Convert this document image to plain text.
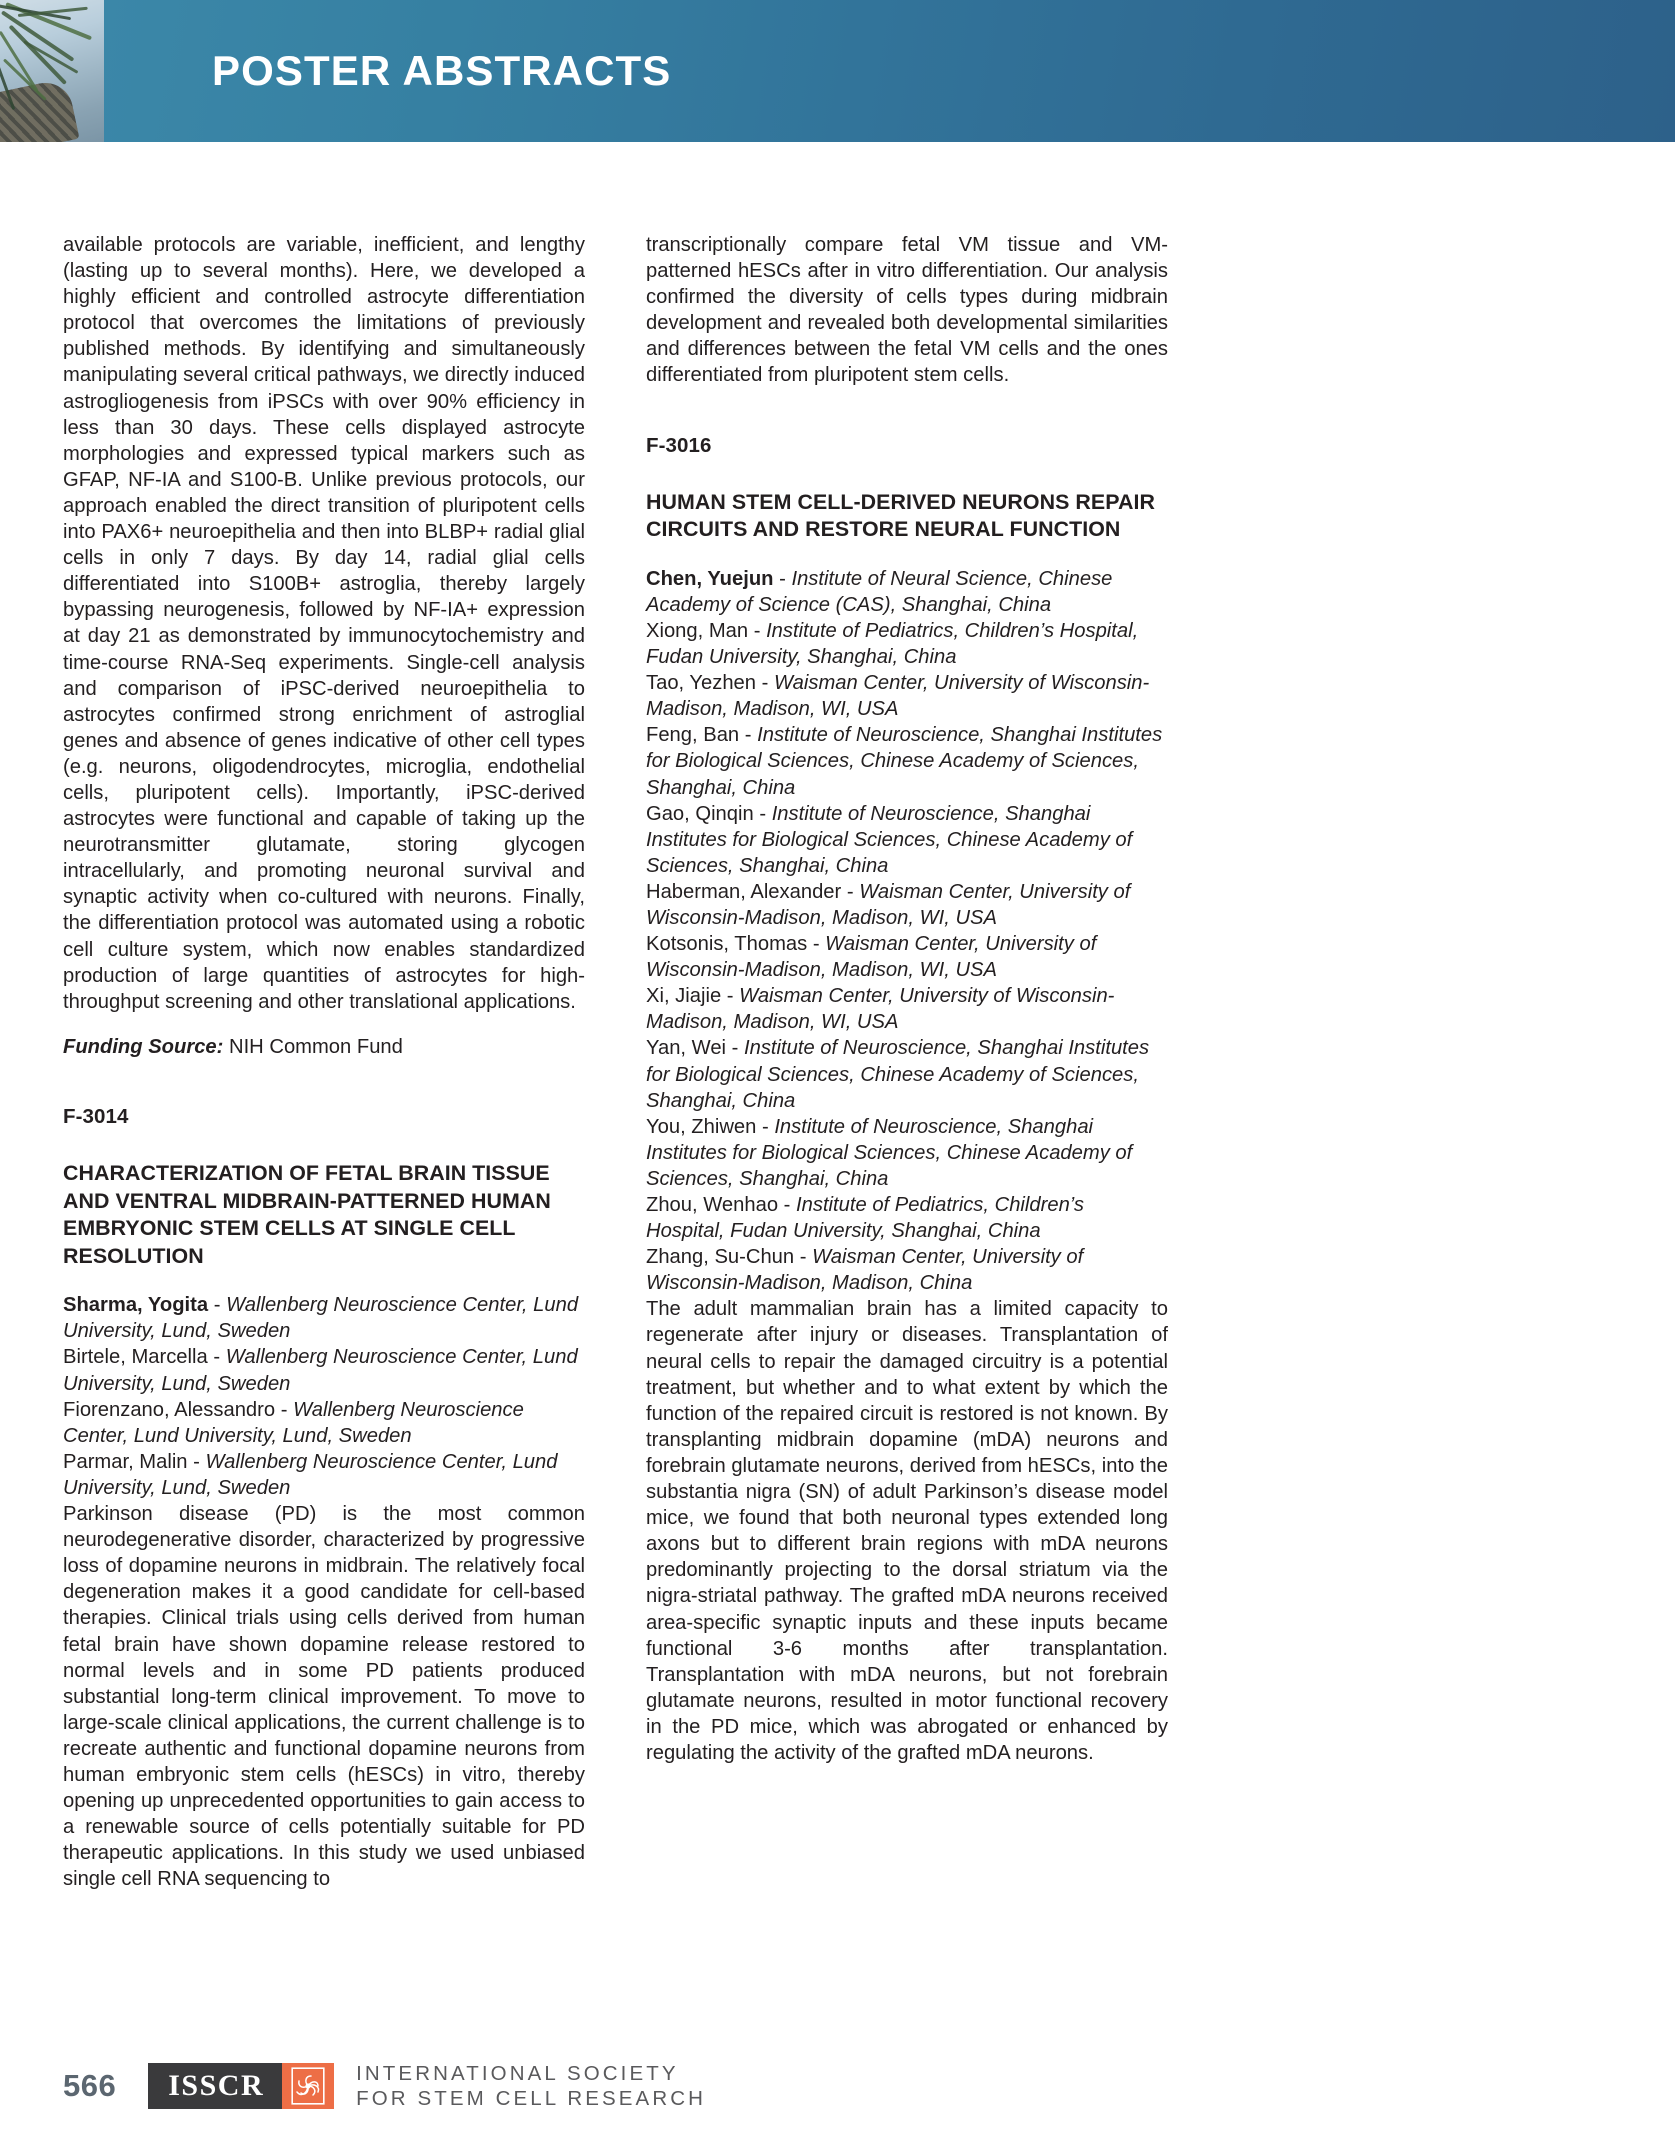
POSTER ABSTRACTS

available protocols are variable, inefficient, and lengthy (lasting up to several months). Here, we developed a highly efficient and controlled astrocyte differentiation protocol that overcomes the limitations of previously published methods. By identifying and simultaneously manipulating several critical pathways, we directly induced astrogliogenesis from iPSCs with over 90% efficiency in less than 30 days. These cells displayed astrocyte morphologies and expressed typical markers such as GFAP, NF-IA and S100-B. Unlike previous protocols, our approach enabled the direct transition of pluripotent cells into PAX6+ neuroepithelia and then into BLBP+ radial glial cells in only 7 days. By day 14, radial glial cells differentiated into S100B+ astroglia, thereby largely bypassing neurogenesis, followed by NF-IA+ expression at day 21 as demonstrated by immunocytochemistry and time-course RNA-Seq experiments. Single-cell analysis and comparison of iPSC-derived neuroepithelia to astrocytes confirmed strong enrichment of astroglial genes and absence of genes indicative of other cell types (e.g. neurons, oligodendrocytes, microglia, endothelial cells, pluripotent cells). Importantly, iPSC-derived astrocytes were functional and capable of taking up the neurotransmitter glutamate, storing glycogen intracellularly, and promoting neuronal survival and synaptic activity when co-cultured with neurons. Finally, the differentiation protocol was automated using a robotic cell culture system, which now enables standardized production of large quantities of astrocytes for high-throughput screening and other translational applications.

Funding Source: NIH Common Fund

F-3014

CHARACTERIZATION OF FETAL BRAIN TISSUE AND VENTRAL MIDBRAIN-PATTERNED HUMAN EMBRYONIC STEM CELLS AT SINGLE CELL RESOLUTION

Sharma, Yogita - Wallenberg Neuroscience Center, Lund University, Lund, Sweden
Birtele, Marcella - Wallenberg Neuroscience Center, Lund University, Lund, Sweden
Fiorenzano, Alessandro - Wallenberg Neuroscience Center, Lund University, Lund, Sweden
Parmar, Malin - Wallenberg Neuroscience Center, Lund University, Lund, Sweden

Parkinson disease (PD) is the most common neurodegenerative disorder, characterized by progressive loss of dopamine neurons in midbrain. The relatively focal degeneration makes it a good candidate for cell-based therapies. Clinical trials using cells derived from human fetal brain have shown dopamine release restored to normal levels and in some PD patients produced substantial long-term clinical improvement. To move to large-scale clinical applications, the current challenge is to recreate authentic and functional dopamine neurons from human embryonic stem cells (hESCs) in vitro, thereby opening up unprecedented opportunities to gain access to a renewable source of cells potentially suitable for PD therapeutic applications. In this study we used unbiased single cell RNA sequencing to

transcriptionally compare fetal VM tissue and VM-patterned hESCs after in vitro differentiation. Our analysis confirmed the diversity of cells types during midbrain development and revealed both developmental similarities and differences between the fetal VM cells and the ones differentiated from pluripotent stem cells.

F-3016

HUMAN STEM CELL-DERIVED NEURONS REPAIR CIRCUITS AND RESTORE NEURAL FUNCTION

Chen, Yuejun - Institute of Neural Science, Chinese Academy of Science (CAS), Shanghai, China
Xiong, Man - Institute of Pediatrics, Children’s Hospital, Fudan University, Shanghai, China
Tao, Yezhen - Waisman Center, University of Wisconsin-Madison, Madison, WI, USA
Feng, Ban - Institute of Neuroscience, Shanghai Institutes for Biological Sciences, Chinese Academy of Sciences, Shanghai, China
Gao, Qinqin - Institute of Neuroscience, Shanghai Institutes for Biological Sciences, Chinese Academy of Sciences, Shanghai, China
Haberman, Alexander - Waisman Center, University of Wisconsin-Madison, Madison, WI, USA
Kotsonis, Thomas - Waisman Center, University of Wisconsin-Madison, Madison, WI, USA
Xi, Jiajie - Waisman Center, University of Wisconsin-Madison, Madison, WI, USA
Yan, Wei - Institute of Neuroscience, Shanghai Institutes for Biological Sciences, Chinese Academy of Sciences, Shanghai, China
You, Zhiwen - Institute of Neuroscience, Shanghai Institutes for Biological Sciences, Chinese Academy of Sciences, Shanghai, China
Zhou, Wenhao - Institute of Pediatrics, Children’s Hospital, Fudan University, Shanghai, China
Zhang, Su-Chun - Waisman Center, University of Wisconsin-Madison, Madison, China

The adult mammalian brain has a limited capacity to regenerate after injury or diseases. Transplantation of neural cells to repair the damaged circuitry is a potential treatment, but whether and to what extent by which the function of the repaired circuit is restored is not known. By transplanting midbrain dopamine (mDA) neurons and forebrain glutamate neurons, derived from hESCs, into the substantia nigra (SN) of adult Parkinson’s disease model mice, we found that both neuronal types extended long axons but to different brain regions with mDA neurons predominantly projecting to the dorsal striatum via the nigra-striatal pathway. The grafted mDA neurons received area-specific synaptic inputs and these inputs became functional 3-6 months after transplantation. Transplantation with mDA neurons, but not forebrain glutamate neurons, resulted in motor functional recovery in the PD mice, which was abrogated or enhanced by regulating the activity of the grafted mDA neurons.

566	ISSCR	INTERNATIONAL SOCIETY
FOR STEM CELL RESEARCH
